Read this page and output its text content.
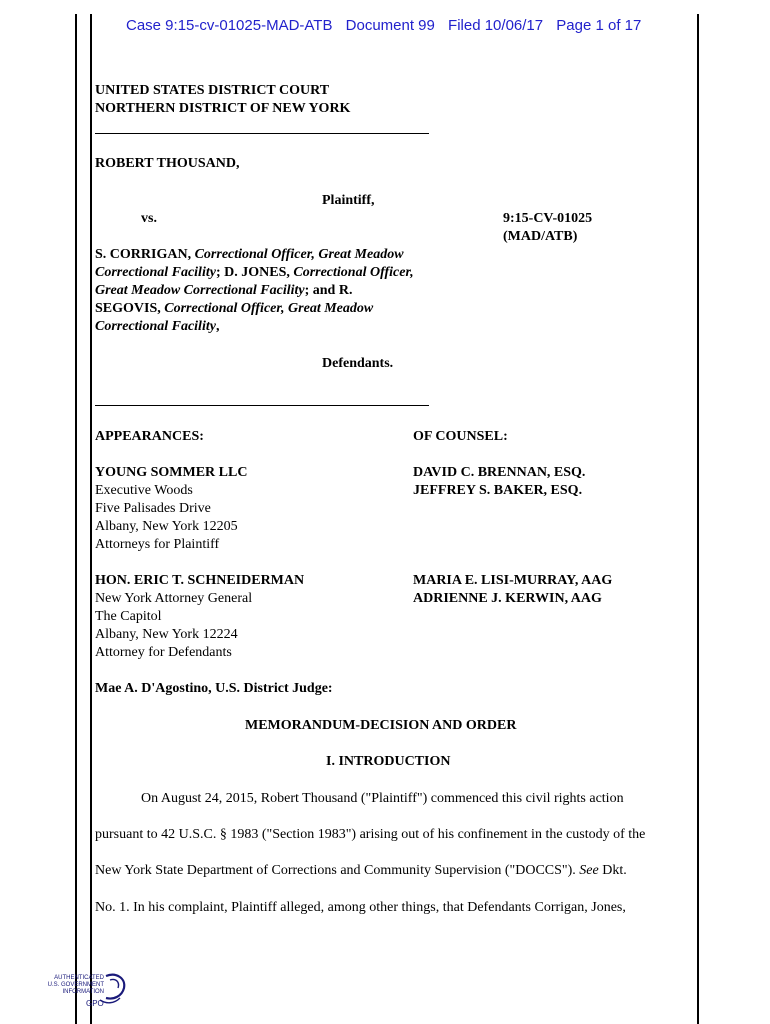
Case 9:15-cv-01025-MAD-ATB Document 99 Filed 10/06/17 Page 1 of 17
UNITED STATES DISTRICT COURT
NORTHERN DISTRICT OF NEW YORK
ROBERT THOUSAND,
Plaintiff,
vs.	9:15-CV-01025
(MAD/ATB)
S. CORRIGAN, Correctional Officer, Great Meadow
Correctional Facility; D. JONES, Correctional Officer,
Great Meadow Correctional Facility; and R.
SEGOVIS, Correctional Officer, Great Meadow
Correctional Facility,
Defendants.
APPEARANCES:	OF COUNSEL:
YOUNG SOMMER LLC
Executive Woods
Five Palisades Drive
Albany, New York 12205
Attorneys for Plaintiff
DAVID C. BRENNAN, ESQ.
JEFFREY S. BAKER, ESQ.
HON. ERIC T. SCHNEIDERMAN
New York Attorney General
The Capitol
Albany, New York 12224
Attorney for Defendants
MARIA E. LISI-MURRAY, AAG
ADRIENNE J. KERWIN, AAG
Mae A. D'Agostino, U.S. District Judge:
MEMORANDUM-DECISION AND ORDER
I. INTRODUCTION
On August 24, 2015, Robert Thousand ("Plaintiff") commenced this civil rights action
pursuant to 42 U.S.C. § 1983 ("Section 1983") arising out of his confinement in the custody of the
New York State Department of Corrections and Community Supervision ("DOCCS"). See Dkt.
No. 1. In his complaint, Plaintiff alleged, among other things, that Defendants Corrigan, Jones,
AUTHENTICATED
U.S. GOVERNMENT
INFORMATION
GPO
